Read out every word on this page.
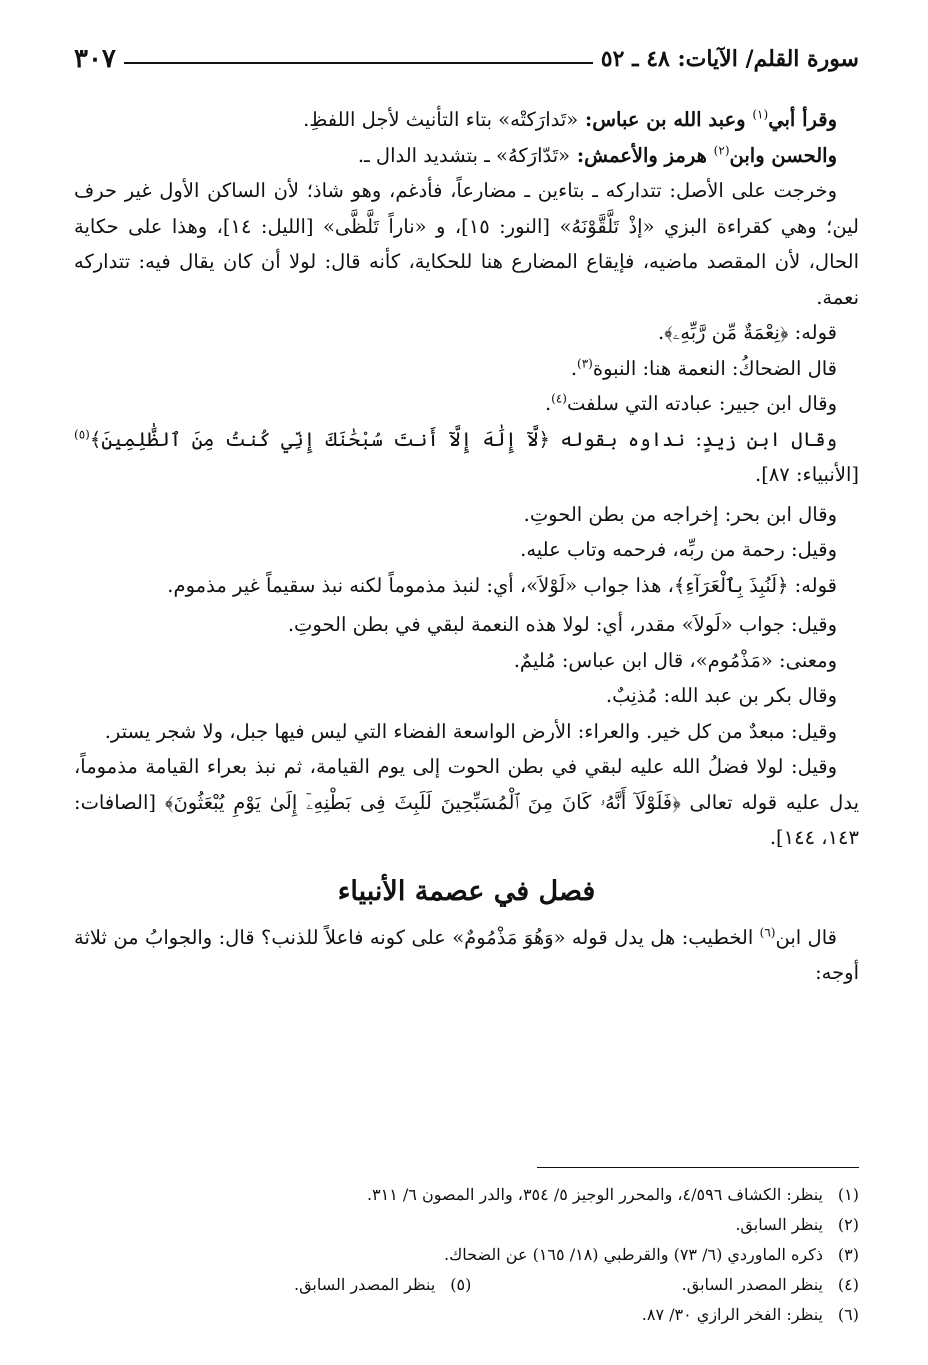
سورة القلم/ الآيات: ٤٨ ـ ٥٢
٣٠٧

وقرأ أبي$^{(١)}$ وعبد الله بن عباس: «تَدارَكتْه» بتاء التأنيث لأجل اللفظِ.

والحسن وابن$^{(٢)}$ هرمز والأعمش: «تَدّارَكهُ» ـ بتشديد الدال ـ.

وخرجت على الأصل: تتداركه ـ بتاءين ـ مضارعاً، فأدغم، وهو شاذ؛ لأن الساكن الأول غير حرف لين؛ وهي كقراءة البزي «إذْ تَلَّقَّوْنَهُ» [النور: ١٥]، و «ناراً تَلَّظَّى» [الليل: ١٤]، وهذا على حكاية الحال، لأن المقصد ماضيه، فإيقاع المضارع هنا للحكاية، كأنه قال: لولا أن كان يقال فيه: تتداركه نعمة.

قوله: ﴿نِعْمَةٌ مِّن رَّبِّهِۦ﴾.

قال الضحاكُ: النعمة هنا: النبوة$^{(٣)}$.

وقال ابن جبير: عبادته التي سلفت$^{(٤)}$.

وقال ابن زيدٍ: نداوه بقوله ﴿لَّآ إِلَٰهَ إِلَّآ أَنتَ سُبْحَٰنَكَ إِنِّي كُنتُ مِنَ ٱلظَّٰلِمِينَ﴾$^{(٥)}$ [الأنبياء: ٨٧].

وقال ابن بحر: إخراجه من بطن الحوتِ.

وقيل: رحمة من ربِّه، فرحمه وتاب عليه.

قوله: ﴿لَنُبِذَ بِٱلْعَرَآءِ﴾، هذا جواب «لَوْلاَ»، أي: لنبذ مذموماً لكنه نبذ سقيماً غير مذموم.

وقيل: جواب «لَولاَ» مقدر، أي: لولا هذه النعمة لبقي في بطن الحوتِ.

ومعنى: «مَذْمُوم»، قال ابن عباس: مُليمٌ.

وقال بكر بن عبد الله: مُذنِبٌ.

وقيل: مبعدٌ من كل خير. والعراء: الأرض الواسعة الفضاء التي ليس فيها جبل، ولا شجر يستر.

وقيل: لولا فضلُ الله عليه لبقي في بطن الحوت إلى يوم القيامة، ثم نبذ بعراء القيامة مذموماً، يدل عليه قوله تعالى ﴿فَلَوْلَآ أَنَّهُۥ كَانَ مِنَ ٱلْمُسَبِّحِينَ لَلَبِثَ فِى بَطْنِهِۦٓ إِلَىٰ يَوْمِ يُبْعَثُونَ﴾ [الصافات: ١٤٣، ١٤٤].

فصل في عصمة الأنبياء

قال ابن$^{(٦)}$ الخطيب: هل يدل قوله «وَهُوَ مَذْمُومٌ» على كونه فاعلاً للذنب؟ قال: والجوابُ من ثلاثة أوجه:

(١)
ينظر: الكشاف ٤/٥٩٦، والمحرر الوجيز ٥/ ٣٥٤، والدر المصون ٦/ ٣١١.
(٢)
ينظر السابق.
(٣)
ذكره الماوردي (٦/ ٧٣) والقرطبي (١٨/ ١٦٥) عن الضحاك.
(٤)
ينظر المصدر السابق.
(٥)
ينظر المصدر السابق.
(٦)
ينظر: الفخر الرازي ٣٠/ ٨٧.
